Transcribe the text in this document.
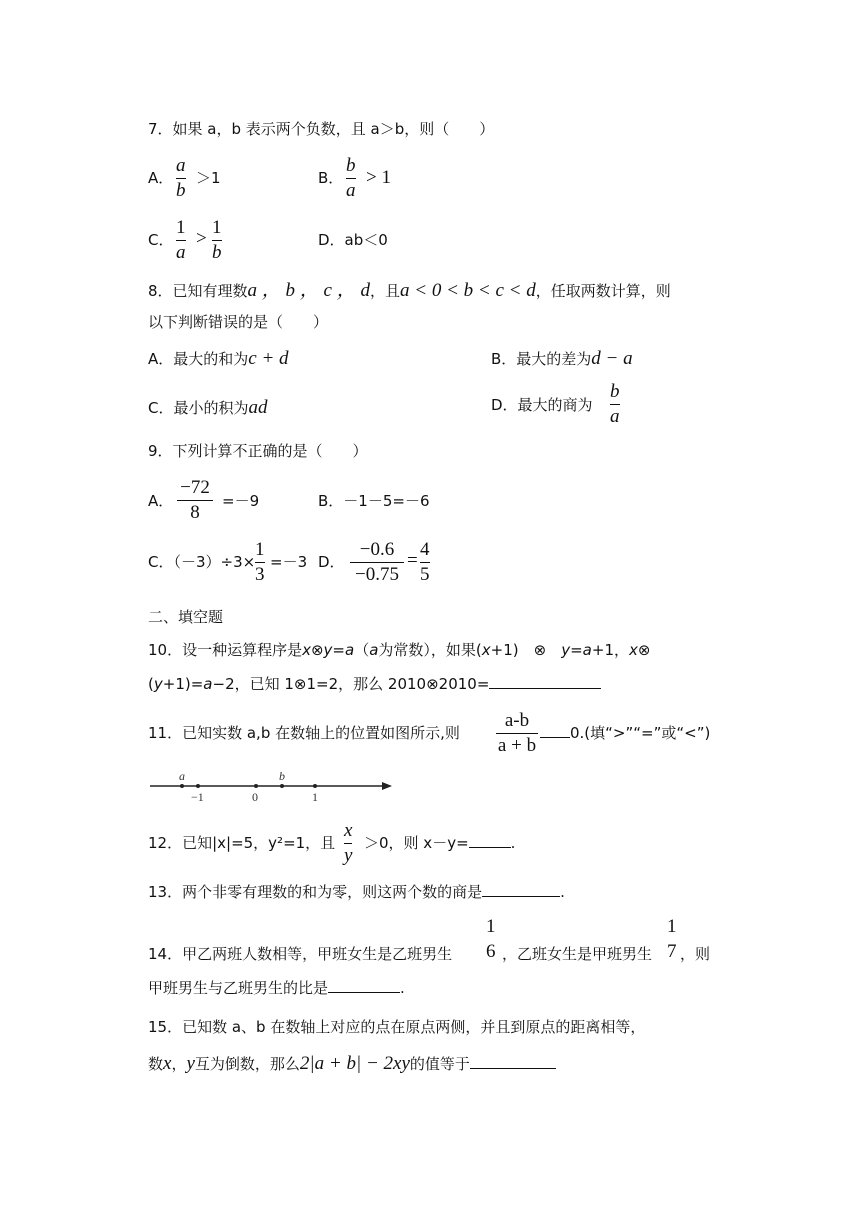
7．如果 a，b 表示两个负数，且 a＞b，则（　　）
A．
a
b
＞1	B．
b
a
> 1
C．
1
a
>
1
b
D．ab＜0
8．已知有理数a ， b ， c ， d，且a < 0 < b < c < d，任取两数计算，则
以下判断错误的是（　　）
A．最大的和为c + d	B．最大的差为d − a
C．最小的积为ad	D．最大的商为
b
a
9．下列计算不正确的是（　　）
A．
−72
8
=－9	B．－1－5=－6
C．（－3）÷3×
1
3
=－3 D．
−0.6
−0.75
=
4
5
二、填空题
10．设一种运算程序是x⊗y=a（a为常数），如果(x+1)　⊗　y=a+1，x⊗
(y+1)=a−2，已知 1⊗1=2，那么 2010⊗2010=
11．已知实数 a,b 在数轴上的位置如图所示,则
a-b
a + b
0.(填“>”“=”或“<”)
a	b
−1	0	1
12．已知|x|=5，y²=1，且
x
y
＞0，则 x－y=	.
13．两个非零有理数的和为零，则这两个数的商是	.
14．甲乙两班人数相等，甲班女生是乙班男生
1
6 ，乙班女生是甲班男生
1
7 ，则
甲班男生与乙班男生的比是	.
15．已知数 a、b 在数轴上对应的点在原点两侧，并且到原点的距离相等，
数x，y互为倒数，那么2|a + b| − 2xy的值等于
